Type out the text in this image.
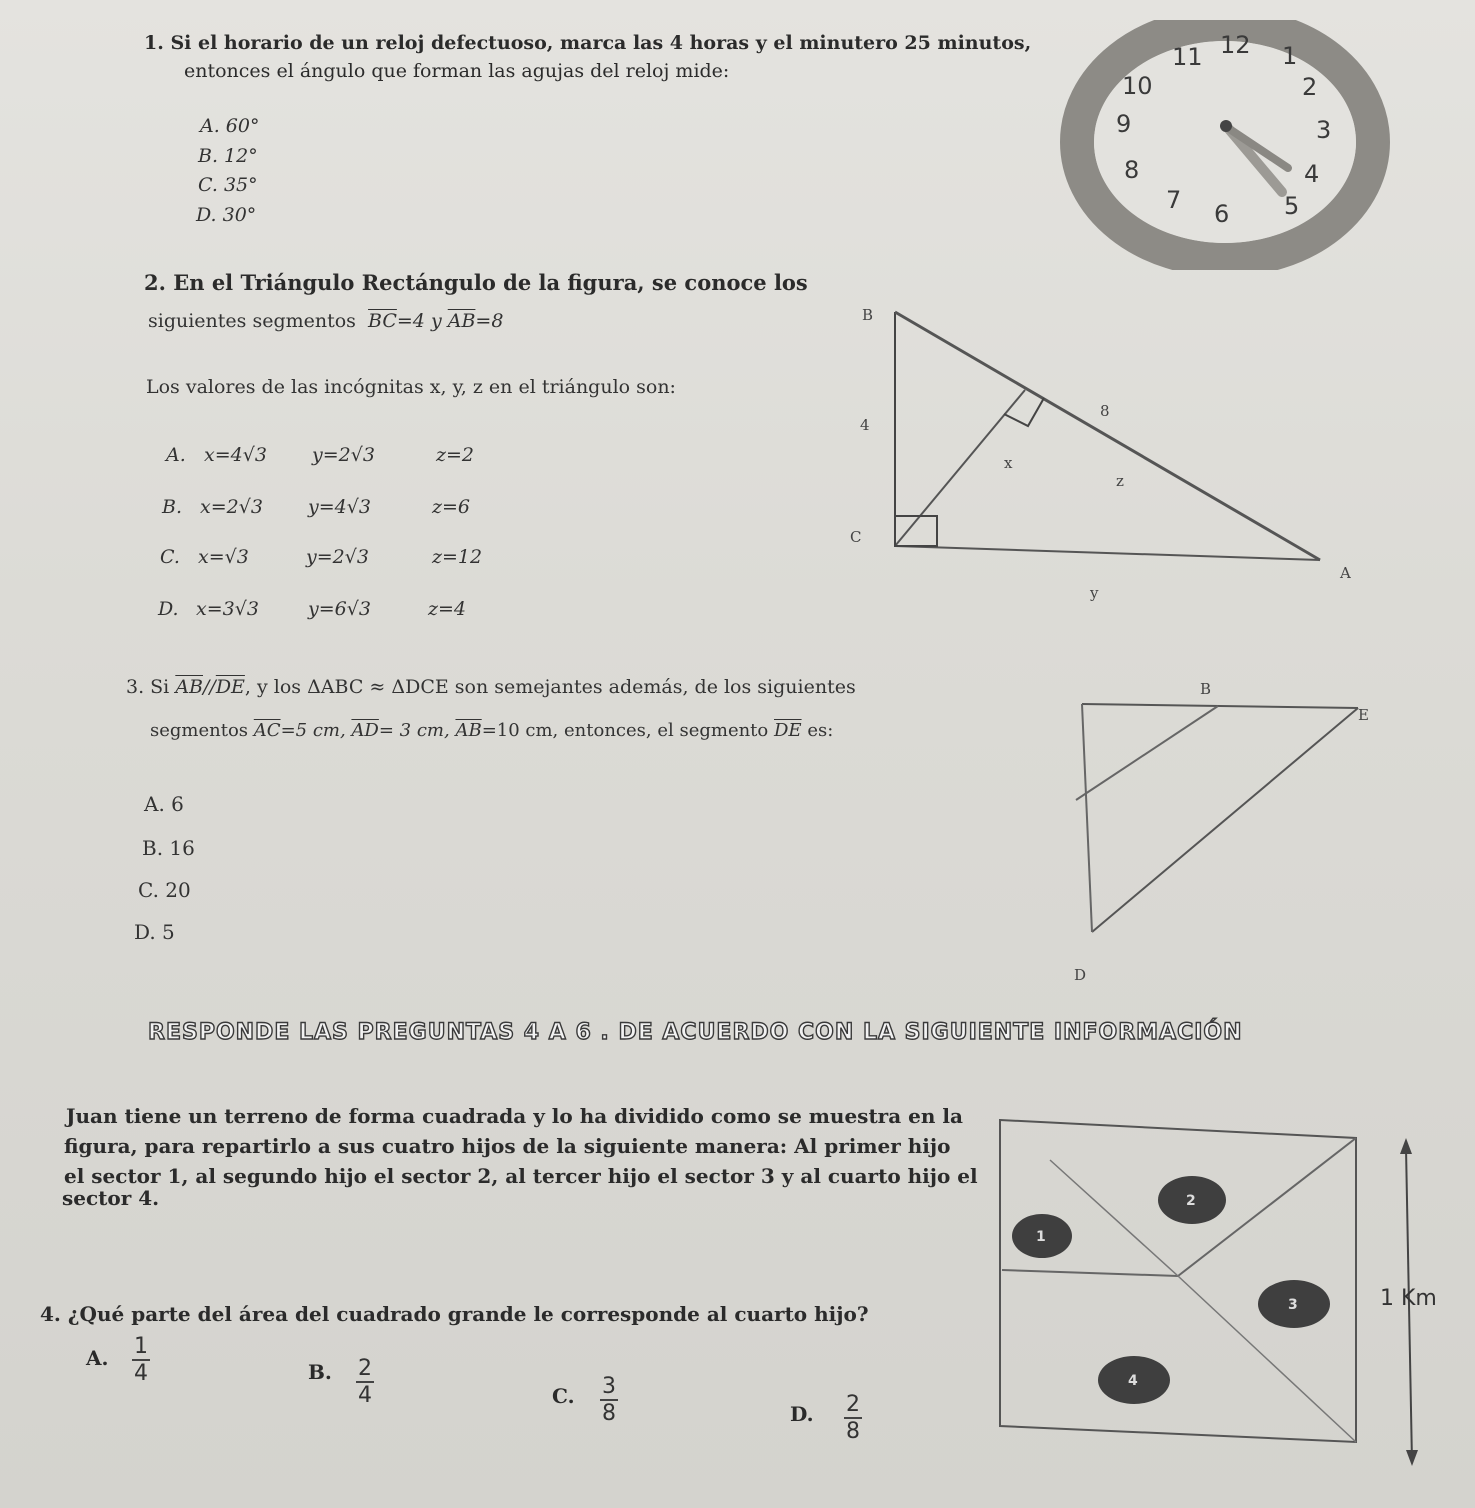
1. Si el horario de un reloj defectuoso, marca las 4 horas y el minutero 25 minutos,
entonces el ángulo que forman las agujas del reloj mide:
A. 60°
B. 12°
C. 35°
D. 30°
12 1
2
3
4
5
6
7
8
9
10
11
2. En el Triángulo Rectángulo de la figura, se conoce los
siguientes segmentos $\overline{BC}=4$ y $\overline{AB}=8$
Los valores de las incógnitas x, y, z en el triángulo son:
A. x=4√3 y=2√3	z=2
B. x=2√3 y=4√3	z=6
C. x=√3	y=2√3	z=12
D. x=3√3	y=6√3	z=4
B
C
A
4
8
x
z
y
3. Si $\overline{AB}//\overline{DE}$, y los ΔABC ≈ ΔDCE son semejantes además, de los siguientes
segmentos $\overline{AC}=5$ cm, $\overline{AD}= 3$ cm, $\overline{AB}=10$ cm, entonces, el segmento $\overline{DE}$ es:
A. 6
B. 16
C. 20
D. 5
B
E
D
RESPONDE LAS PREGUNTAS 4 A 6 . DE ACUERDO CON LA SIGUIENTE INFORMACIÓN
Juan tiene un terreno de forma cuadrada y lo ha dividido como se muestra en la
figura, para repartirlo a sus cuatro hijos de la siguiente manera: Al primer hijo
el sector 1, al segundo hijo el sector 2, al tercer hijo el sector 3 y al cuarto hijo el
sector 4.
1
2
3
4
1 Km
4. ¿Qué parte del área del cuadrado grande le corresponde al cuarto hijo?
A. $\frac{1}{4}$	B. $\frac{2}{4}$	C. $\frac{3}{8}$	D. $\frac{2}{8}$
